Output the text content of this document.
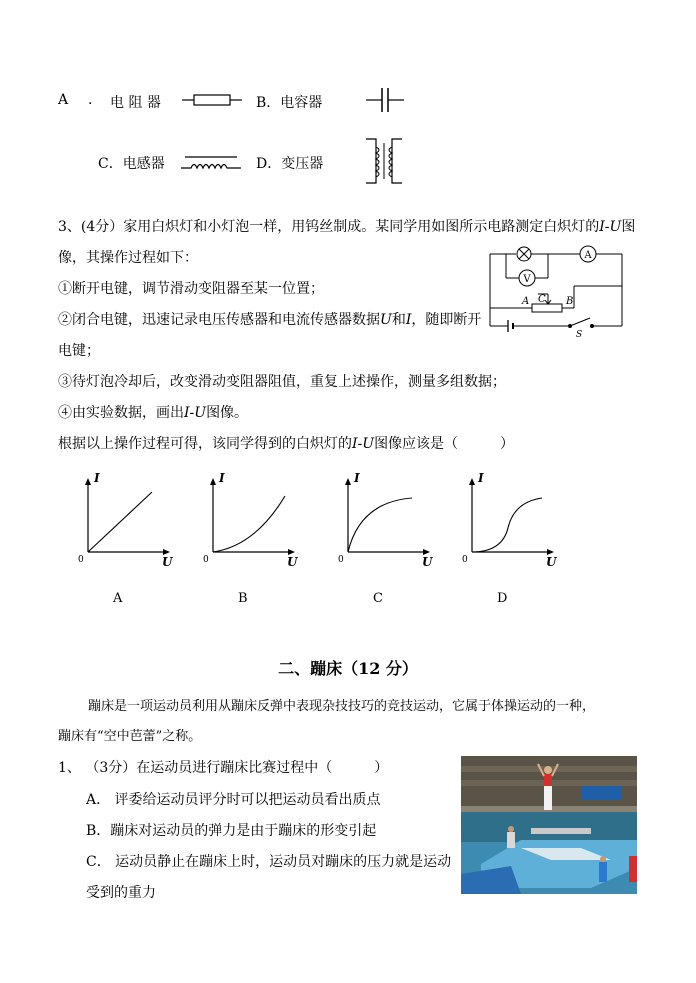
A . 电 阻 器	B．电容器
C．电感器	D．变压器
3、(4分）家用白炽灯和小灯泡一样，用钨丝制成。某同学用如图所示电路测定白炽灯的I-U图
像，其操作过程如下：
①断开电键，调节滑动变阻器至某一位置；
②闭合电键，迅速记录电压传感器和电流传感器数据U和I，随即断开
电键；
③待灯泡冷却后，改变滑动变阻器阻值，重复上述操作，测量多组数据；
④由实验数据，画出I-U图像。
根据以上操作过程可得，该同学得到的白炽灯的I-U图像应该是（　　　）
A
V
A	B
C
S
I
U
0
A
I
U
0
B
I
U
0
C
I
U
0
D
二、蹦床（12 分）
蹦床是一项运动员利用从蹦床反弹中表现杂技技巧的竞技运动，它属于体操运动的一种，
蹦床有“空中芭蕾”之称。
1、 （3分）在运动员进行蹦床比赛过程中（　　　）
A． 评委给运动员评分时可以把运动员看出质点
B．蹦床对运动员的弹力是由于蹦床的形变引起
C． 运动员静止在蹦床上时，运动员对蹦床的压力就是运动
受到的重力
